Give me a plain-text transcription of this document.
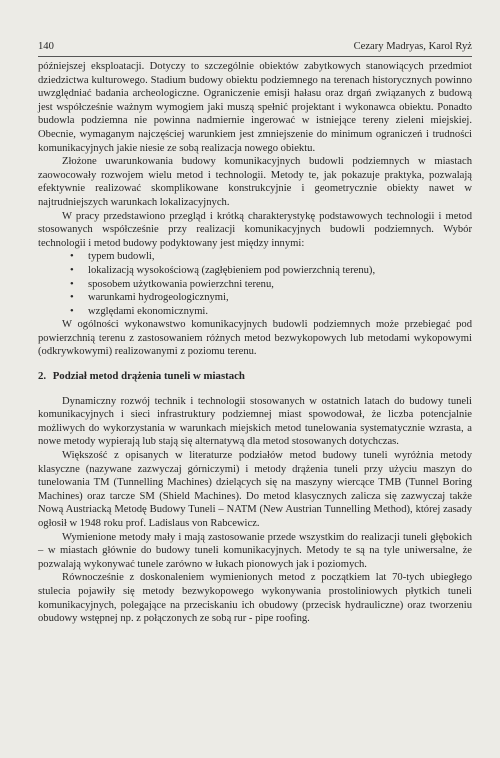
140	Cezary Madryas, Karol Ryż

późniejszej eksploatacji. Dotyczy to szczególnie obiektów zabytkowych stanowiących przedmiot dziedzictwa kulturowego. Stadium budowy obiektu podziemnego na terenach historycznych powinno uwzględniać badania archeologiczne. Ograniczenie emisji hałasu oraz drgań związanych z budową jest współcześnie ważnym wymogiem jaki muszą spełnić projektant i wykonawca obiektu. Ponadto budowla podziemna nie powinna nadmiernie ingerować w istniejące tereny zieleni miejskiej. Obecnie, wymaganym najczęściej warunkiem jest zmniejszenie do minimum ograniczeń i trudności komunikacyjnych jakie niesie ze sobą realizacja nowego obiektu.

Złożone uwarunkowania budowy komunikacyjnych budowli podziemnych w miastach zaowocowały rozwojem wielu metod i technologii. Metody te, jak pokazuje praktyka, pozwalają efektywnie realizować skomplikowane konstrukcyjnie i geometrycznie obiekty nawet w najtrudniejszych warunkach lokalizacyjnych.

W pracy przedstawiono przegląd i krótką charakterystykę podstawowych technologii i metod stosowanych współcześnie przy realizacji komunikacyjnych budowli podziemnych. Wybór technologii i metod budowy podyktowany jest między innymi:

• typem budowli,
• lokalizacją wysokościową (zagłębieniem pod powierzchnią terenu),
• sposobem użytkowania powierzchni terenu,
• warunkami hydrogeologicznymi,
• względami ekonomicznymi.

W ogólności wykonawstwo komunikacyjnych budowli podziemnych może przebiegać pod powierzchnią terenu z zastosowaniem różnych metod bezwykopowych lub metodami wykopowymi (odkrywkowymi) realizowanymi z poziomu terenu.

2. Podział metod drążenia tuneli w miastach

Dynamiczny rozwój technik i technologii stosowanych w ostatnich latach do budowy tuneli komunikacyjnych i sieci infrastruktury podziemnej miast spowodował, że liczba potencjalnie możliwych do wykorzystania w warunkach miejskich metod tunelowania systematycznie wzrasta, a nowe metody wypierają lub stają się alternatywą dla metod stosowanych dotychczas.

Większość z opisanych w literaturze podziałów metod budowy tuneli wyróżnia metody klasyczne (nazywane zazwyczaj górniczymi) i metody drążenia tuneli przy użyciu maszyn do tunelowania TM (Tunnelling Machines) dzielących się na maszyny wiercące TMB (Tunnel Boring Machines) oraz tarcze SM (Shield Machines). Do metod klasycznych zalicza się zazwyczaj także Nową Austriacką Metodę Budowy Tuneli – NATM (New Austrian Tunnelling Method), której zasady ogłosił w 1948 roku prof. Ladislaus von Rabcewicz.

Wymienione metody mały i mają zastosowanie przede wszystkim do realizacji tuneli głębokich – w miastach głównie do budowy tuneli komunikacyjnych. Metody te są na tyle uniwersalne, że pozwalają wykonywać tunele zarówno w łukach pionowych jak i poziomych.

Równocześnie z doskonaleniem wymienionych metod z początkiem lat 70-tych ubiegłego stulecia pojawiły się metody bezwykopowego wykonywania prostoliniowych płytkich tuneli komunikacyjnych, polegające na przeciskaniu ich obudowy (przecisk hydrauliczne) oraz tworzeniu obudowy wstępnej np. z połączonych ze sobą rur - pipe roofing.
